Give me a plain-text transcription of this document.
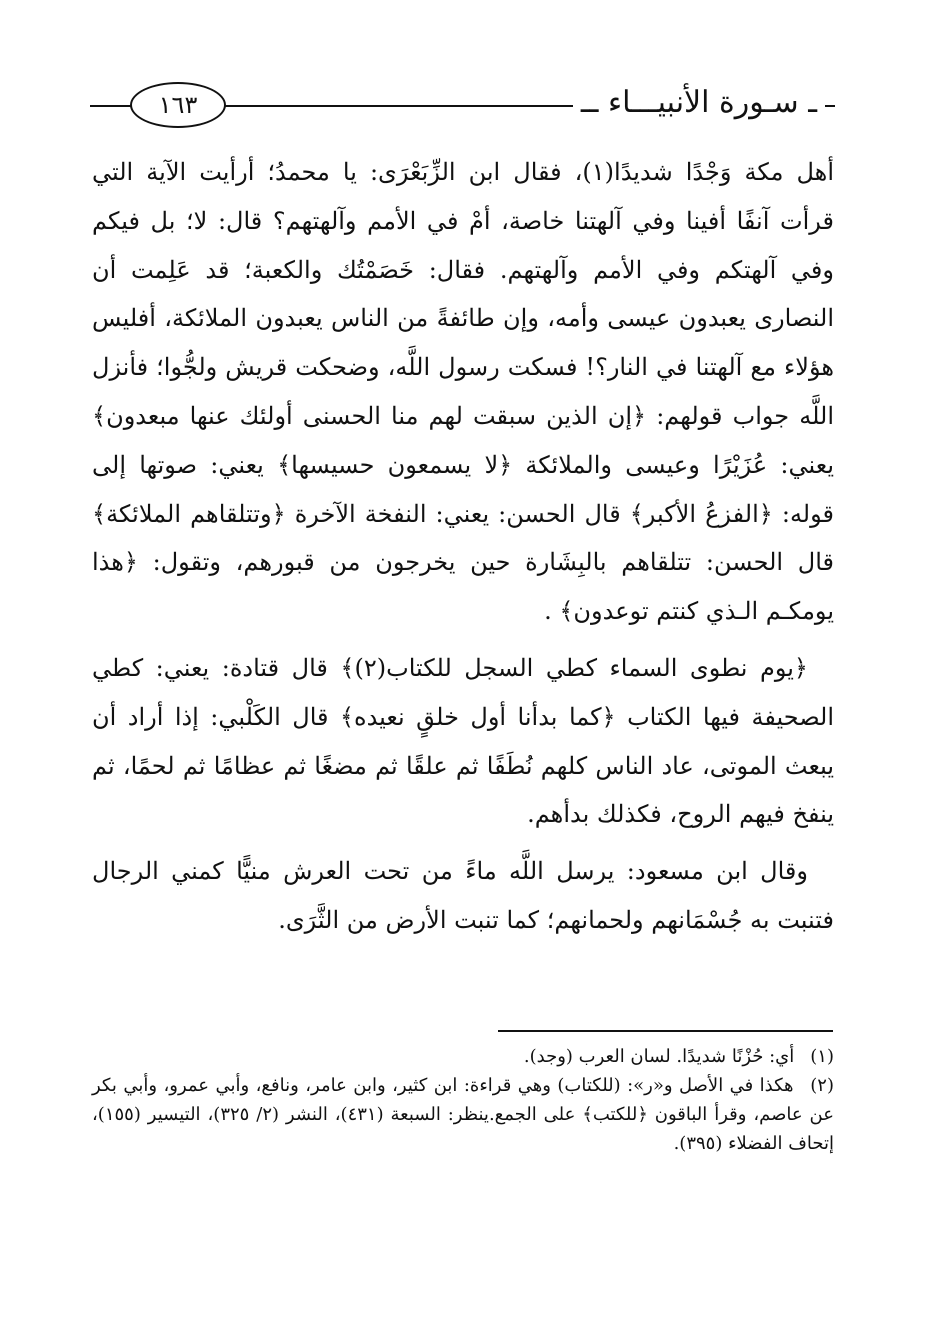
ـ سـورة الأنبيـــاء ــ
١٦٣

أهل مكة وَجْدًا شديدًا(١)، فقال ابن الزِّبَعْرَى: يا محمدُ؛ أرأيت الآية التي قرأت آنفًا أفينا وفي آلهتنا خاصة، أمْ في الأمم وآلهتهم؟ قال: لا؛ بل فيكم وفي آلهتكم وفي الأمم وآلهتهم. فقال: خَصَمْتُك والكعبة؛ قد عَلِمت أن النصارى يعبدون عيسى وأمه، وإن طائفةً من الناس يعبدون الملائكة، أفليس هؤلاء مع آلهتنا في النار؟! فسكت رسول اللَّه، وضحكت قريش ولجُّوا؛ فأنزل اللَّه جواب قولهم: ﴿إن الذين سبقت لهم منا الحسنى أولئك عنها مبعدون﴾ يعني: عُزَيْرًا وعيسى والملائكة ﴿لا يسمعون حسيسها﴾ يعني: صوتها إلى قوله: ﴿الفزعُ الأكبر﴾ قال الحسن: يعني: النفخة الآخرة ﴿وتتلقاهم الملائكة﴾ قال الحسن: تتلقاهم بالبِشَارة حين يخرجون من قبورهم، وتقول: ﴿هذا يومكـم الـذي كنتم توعدون﴾ .

﴿يوم نطوى السماء كطي السجل للكتاب(٢)﴾ قال قتادة: يعني: كطي الصحيفة فيها الكتاب ﴿كما بدأنا أول خلقٍ نعيده﴾ قال الكَلْبي: إذا أراد أن يبعث الموتى، عاد الناس كلهم نُطَفًا ثم علقًا ثم مضغًا ثم عظامًا ثم لحمًا، ثم ينفخ فيهم الروح، فكذلك بدأهم.

وقال ابن مسعود: يرسل اللَّه ماءً من تحت العرش منيًّا كمني الرجال فتنبت به جُسْمَانهم ولحمانهم؛ كما تنبت الأرض من الثَّرَى.

(١) أي: حُزْنًا شديدًا. لسان العرب (وجد).

(٢) هكذا في الأصل و«ر»: (للكتاب) وهي قراءة: ابن كثير، وابن عامر، ونافع، وأبي عمرو، وأبي بكر عن عاصم، وقرأ الباقون ﴿للكتب﴾ على الجمع.ينظر: السبعة (٤٣١)، النشر (٢/ ٣٢٥)، التيسير (١٥٥)، إتحاف الفضلاء (٣٩٥).
